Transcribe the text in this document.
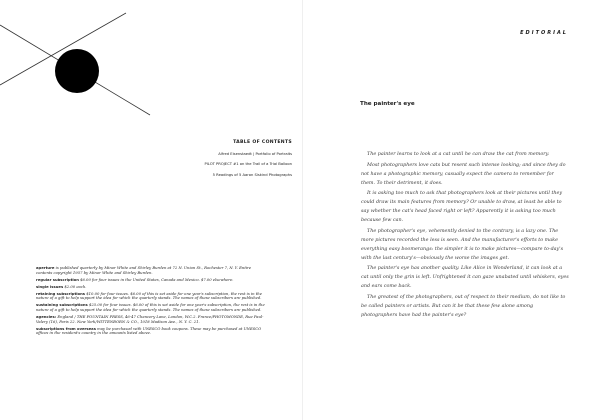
TABLE OF CONTENTS
Alfred Eisenstaedt | Portfolio of Portraits
PILOT PROJECT #1 on the Trail of a Trial Balloon
5 Readings of 5 Aaron Siskind Photographs

aperture is published quarterly by Minor White and Shirley Burden at 72 N. Union St., Rochester 7, N. Y. Entire contents copyright 1957 by Minor White and Shirley Burden.

regular subscription $6.00 for four issues in the United States, Canada and Mexico. $7.00 elsewhere.

single issues $2.00 each.

retaining subscriptions $10.00 for four issues. $6.00 of this is set aside for one year's subscription, the rest is in the nature of a gift to help support the idea for which the quarterly stands. The names of these subscribers are published.

sustaining subscriptions $25.00 for four issues. $6.00 of this is set aside for one year's subscription, the rest is in the nature of a gift to help support the idea for which the quarterly stands. The names of these subscribers are published.

agencies: England / THE FOUNTAIN PRESS, 46-47 Chancery Lane, London, W.C.2. France/PHOTOMONDE, Rue Paul-Valery (16), Paris 22. New York/WITTENBORN & CO., 1018 Madison Ave., N. Y. C. 21.

subscriptions from overseas may be purchased with UNESCO book coupons. These may be purchased at UNESCO offices in the resident's country in the amounts listed above.

EDITORIAL
The painter's eye

The painter learns to look at a cat until he can draw the cat from memory.

Most photographers love cats but resent such intense looking; and since they do not have a photographic memory, casually expect the camera to remember for them. To their detriment, it does.

It is asking too much to ask that photographers look at their pictures until they could draw its main features from memory? Or unable to draw, at least be able to say whether the cat's head faced right or left? Apparently it is asking too much because few can.

The photographer's eye, vehemently denied to the contrary, is a lazy one. The more pictures recorded the less is seen. And the manufacturer's efforts to make everything easy boomerangs: the simpler it is to make pictures—compare to-day's with the last century's—obviously the worse the images get.

The painter's eye has another quality. Like Alice in Wonderland, it can look at a cat until only the grin is left. Unfrightened it can gaze unabated until whiskers, eyes and ears come back.

The greatest of the photographers, out of respect to their medium, do not like to be called painters or artists. But can it be that these few alone among photographers have had the painter's eye?
